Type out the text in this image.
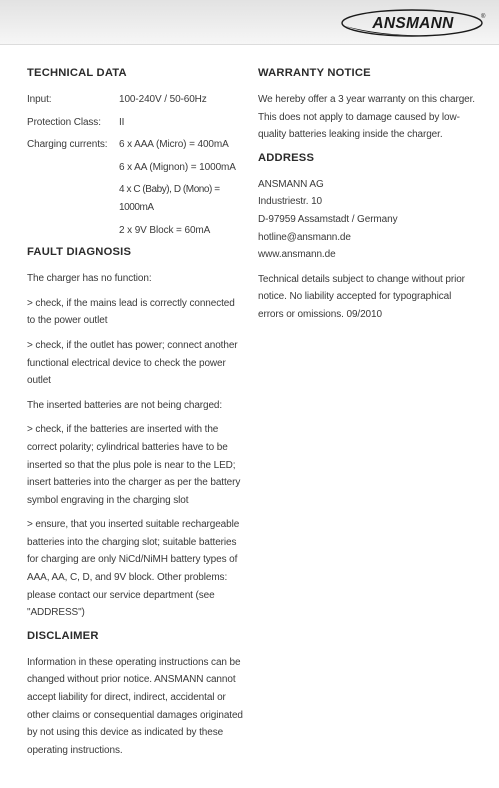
ANSMANN	®
TECHNICAL DATA
Input:	100-240V / 50-60Hz
Protection Class:	II
Charging currents:	6 x AAA (Micro) = 400mA
6 x AA (Mignon) = 1000mA
4 x C (Baby), D (Mono) = 1000mA
2 x 9V Block = 60mA
FAULT DIAGNOSIS
The charger has no function:
> check, if the mains lead is correctly connected to the power outlet
> check, if the outlet has power; connect another functional electrical device to check the power outlet
The inserted batteries are not being charged:
> check, if the batteries are inserted with the correct polarity; cylindrical batteries have to be inserted so that the plus pole is near to the LED; insert batteries into the charger as per the battery symbol engraving in the charging slot
> ensure, that you inserted suitable rechargeable batteries into the charging slot; suitable batteries for charging are only NiCd/NiMH battery types of AAA, AA, C, D, and 9V block. Other problems: please contact our service department (see "ADDRESS")
DISCLAIMER
Information in these operating instructions can be changed without prior notice. ANSMANN cannot accept liability for direct, indirect, accidental or other claims or consequential damages originated by not using this device as indicated by these operating instructions.
WARRANTY NOTICE
We hereby offer a 3 year warranty on this charger. This does not apply to damage caused by low-quality batteries leaking inside the charger.
ADDRESS
ANSMANN AG
Industriestr. 10
D-97959 Assamstadt / Germany
hotline@ansmann.de
www.ansmann.de
Technical details subject to change without prior notice. No liability accepted for typographical errors or omissions. 09/2010
